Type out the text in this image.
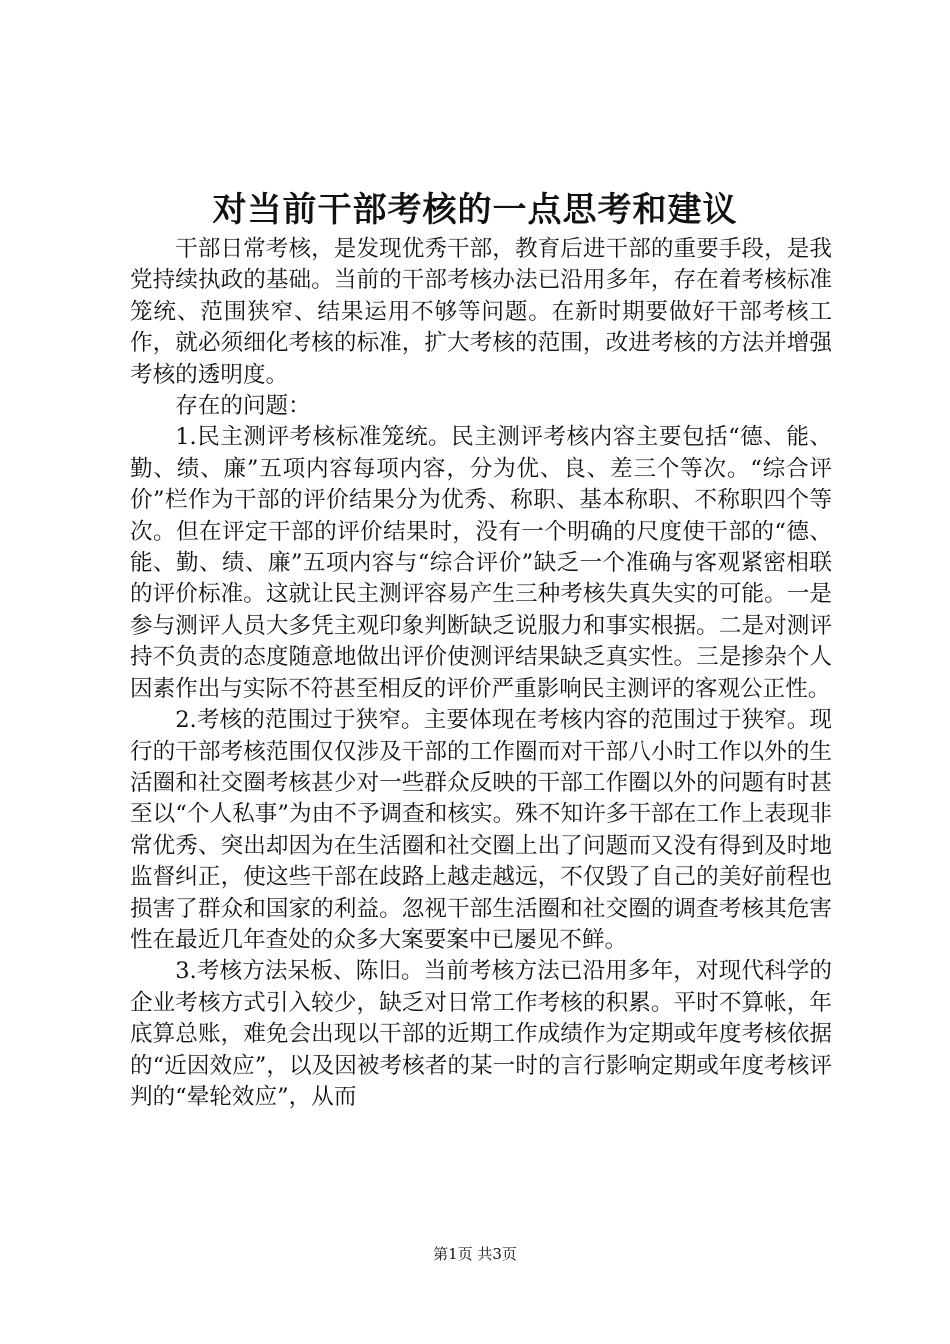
对当前干部考核的一点思考和建议

干部日常考核，是发现优秀干部，教育后进干部的重要手段，是我党持续执政的基础。当前的干部考核办法已沿用多年，存在着考核标准笼统、范围狭窄、结果运用不够等问题。在新时期要做好干部考核工作，就必须细化考核的标准，扩大考核的范围，改进考核的方法并增强考核的透明度。

存在的问题：

1.民主测评考核标准笼统。民主测评考核内容主要包括“德、能、勤、绩、廉”五项内容每项内容，分为优、良、差三个等次。“综合评价”栏作为干部的评价结果分为优秀、称职、基本称职、不称职四个等次。但在评定干部的评价结果时，没有一个明确的尺度使干部的“德、能、勤、绩、廉”五项内容与“综合评价”缺乏一个准确与客观紧密相联的评价标准。这就让民主测评容易产生三种考核失真失实的可能。一是参与测评人员大多凭主观印象判断缺乏说服力和事实根据。二是对测评持不负责的态度随意地做出评价使测评结果缺乏真实性。三是掺杂个人因素作出与实际不符甚至相反的评价严重影响民主测评的客观公正性。

2.考核的范围过于狭窄。主要体现在考核内容的范围过于狭窄。现行的干部考核范围仅仅涉及干部的工作圈而对干部八小时工作以外的生活圈和社交圈考核甚少对一些群众反映的干部工作圈以外的问题有时甚至以“个人私事”为由不予调查和核实。殊不知许多干部在工作上表现非常优秀、突出却因为在生活圈和社交圈上出了问题而又没有得到及时地监督纠正，使这些干部在歧路上越走越远，不仅毁了自己的美好前程也损害了群众和国家的利益。忽视干部生活圈和社交圈的调查考核其危害性在最近几年查处的众多大案要案中已屡见不鲜。

3.考核方法呆板、陈旧。当前考核方法已沿用多年，对现代科学的企业考核方式引入较少，缺乏对日常工作考核的积累。平时不算帐，年底算总账，难免会出现以干部的近期工作成绩作为定期或年度考核依据的“近因效应”，以及因被考核者的某一时的言行影响定期或年度考核评判的“晕轮效应”，从而

第1页 共3页
